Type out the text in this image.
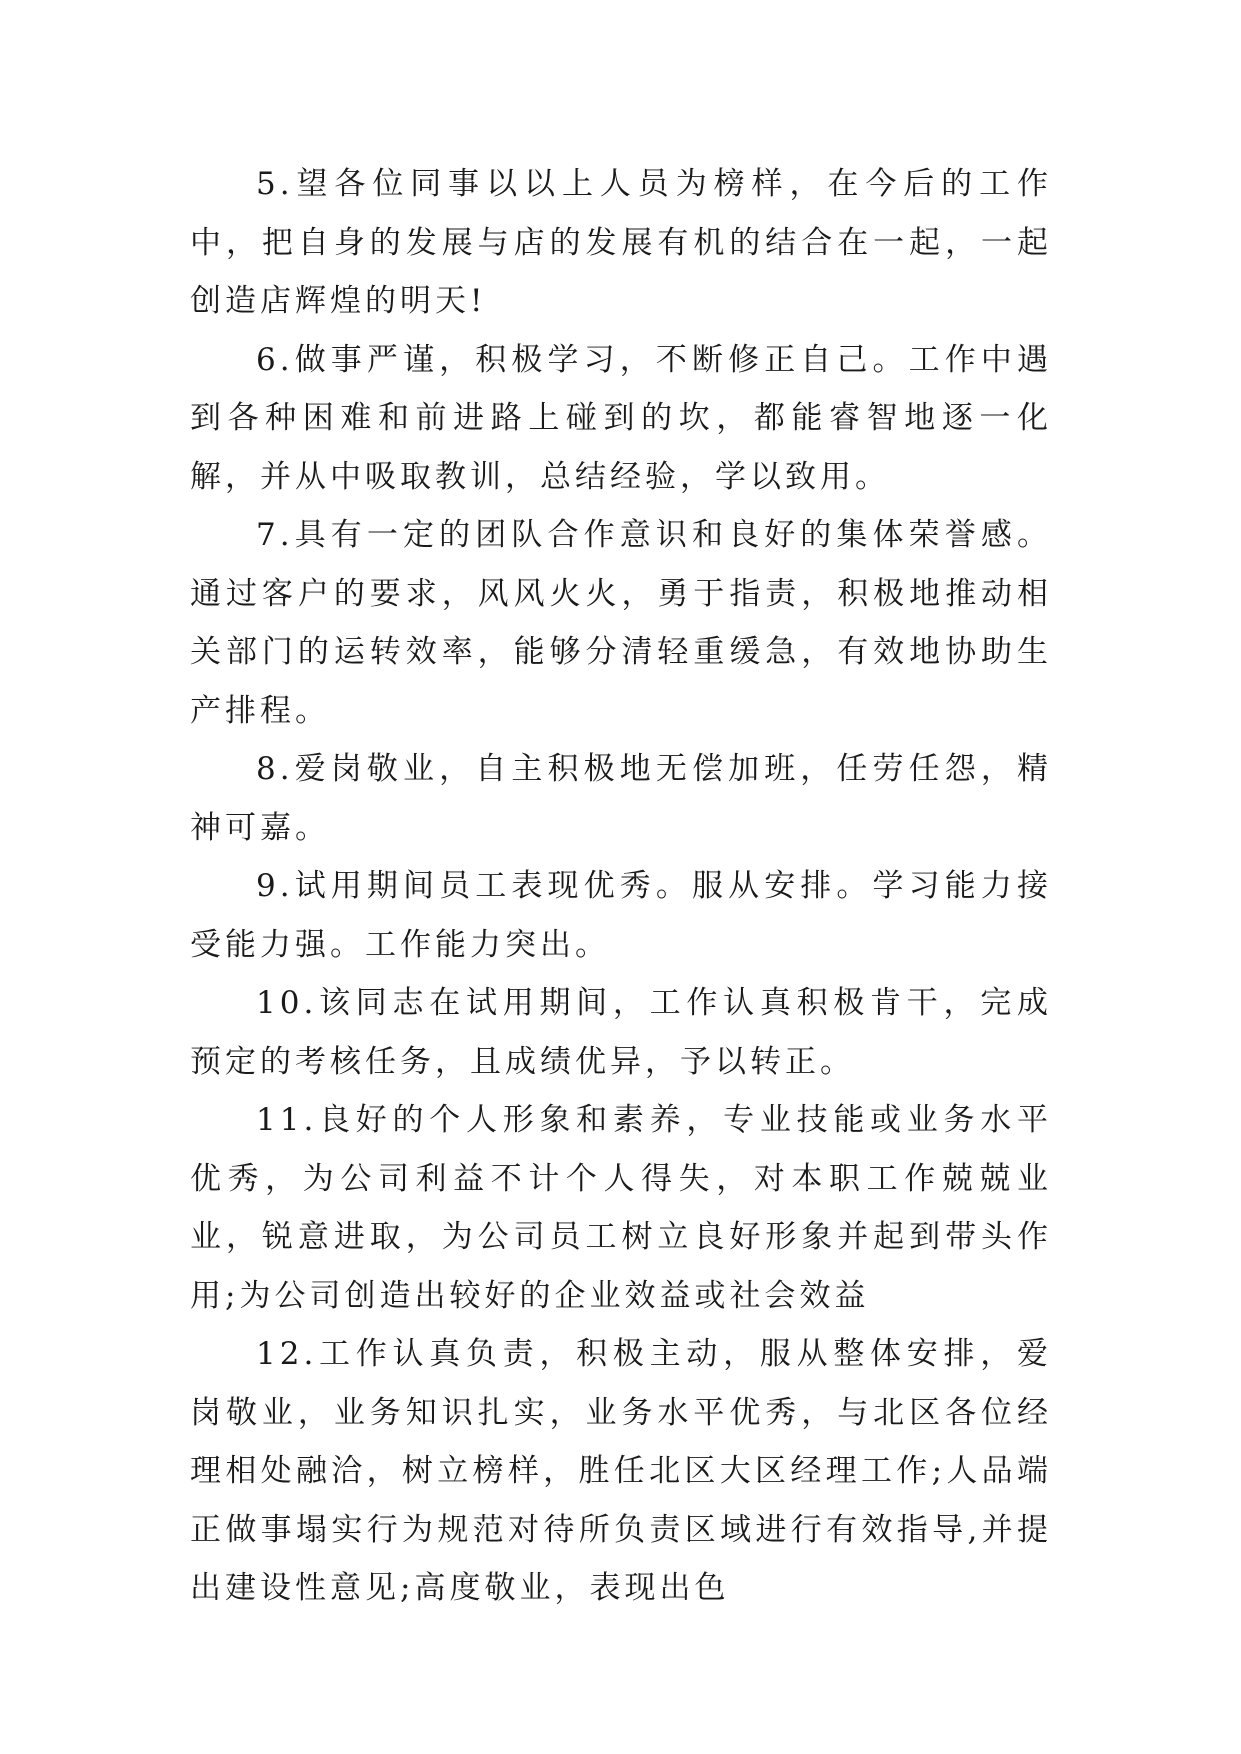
5.望各位同事以以上人员为榜样，在今后的工作中，把自身的发展与店的发展有机的结合在一起，一起创造店辉煌的明天!

6.做事严谨，积极学习，不断修正自己。工作中遇到各种困难和前进路上碰到的坎，都能睿智地逐一化解，并从中吸取教训，总结经验，学以致用。

7.具有一定的团队合作意识和良好的集体荣誉感。通过客户的要求，风风火火，勇于指责，积极地推动相关部门的运转效率，能够分清轻重缓急，有效地协助生产排程。

8.爱岗敬业，自主积极地无偿加班，任劳任怨，精神可嘉。

9.试用期间员工表现优秀。服从安排。学习能力接受能力强。工作能力突出。

10.该同志在试用期间，工作认真积极肯干，完成预定的考核任务，且成绩优异，予以转正。

11.良好的个人形象和素养，专业技能或业务水平优秀，为公司利益不计个人得失，对本职工作兢兢业业，锐意进取，为公司员工树立良好形象并起到带头作用;为公司创造出较好的企业效益或社会效益

12.工作认真负责，积极主动，服从整体安排，爱岗敬业，业务知识扎实，业务水平优秀，与北区各位经理相处融洽，树立榜样，胜任北区大区经理工作;人品端正做事塌实行为规范对待所负责区域进行有效指导,并提出建设性意见;高度敬业，表现出色
